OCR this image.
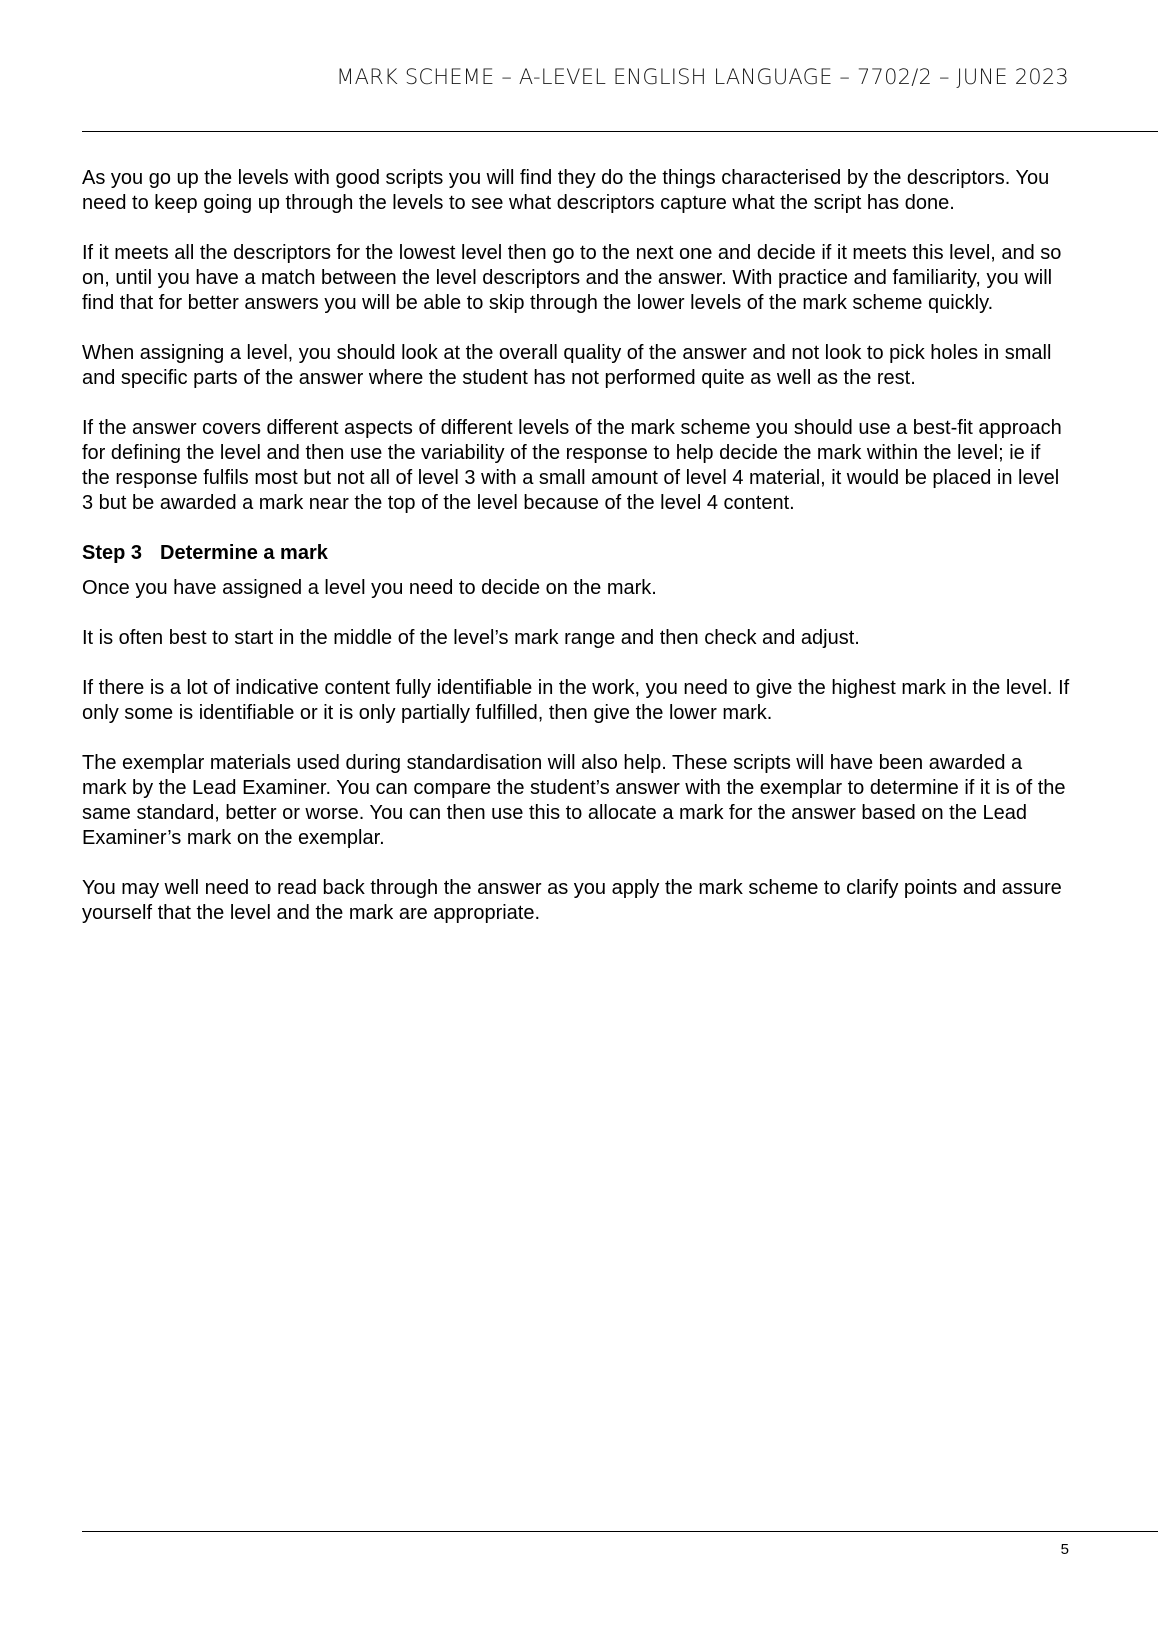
MARK SCHEME – A-LEVEL ENGLISH LANGUAGE – 7702/2 – JUNE 2023

As you go up the levels with good scripts you will find they do the things characterised by the descriptors. You need to keep going up through the levels to see what descriptors capture what the script has done.

If it meets all the descriptors for the lowest level then go to the next one and decide if it meets this level, and so on, until you have a match between the level descriptors and the answer. With practice and familiarity, you will find that for better answers you will be able to skip through the lower levels of the mark scheme quickly.

When assigning a level, you should look at the overall quality of the answer and not look to pick holes in small and specific parts of the answer where the student has not performed quite as well as the rest.

If the answer covers different aspects of different levels of the mark scheme you should use a best-fit approach for defining the level and then use the variability of the response to help decide the mark within the level; ie if the response fulfils most but not all of level 3 with a small amount of level 4 material, it would be placed in level 3 but be awarded a mark near the top of the level because of the level 4 content.

Step 3 Determine a mark

Once you have assigned a level you need to decide on the mark.

It is often best to start in the middle of the level’s mark range and then check and adjust.

If there is a lot of indicative content fully identifiable in the work, you need to give the highest mark in the level. If only some is identifiable or it is only partially fulfilled, then give the lower mark.

The exemplar materials used during standardisation will also help. These scripts will have been awarded a mark by the Lead Examiner. You can compare the student’s answer with the exemplar to determine if it is of the same standard, better or worse. You can then use this to allocate a mark for the answer based on the Lead Examiner’s mark on the exemplar.

You may well need to read back through the answer as you apply the mark scheme to clarify points and assure yourself that the level and the mark are appropriate.

5
